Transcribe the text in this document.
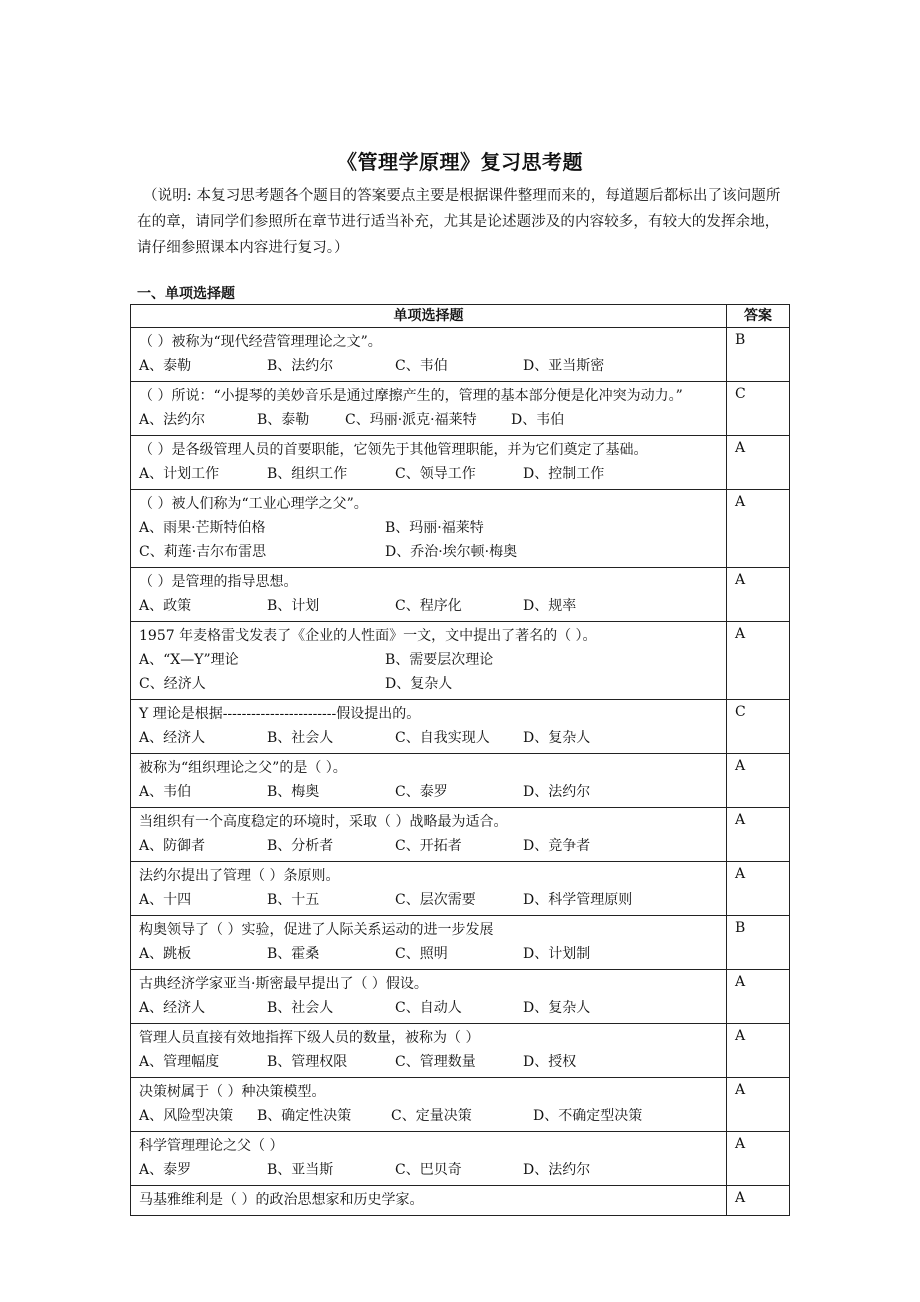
《管理学原理》复习思考题
（说明: 本复习思考题各个题目的答案要点主要是根据课件整理而来的，每道题后都标出了该问题所在的章，请同学们参照所在章节进行适当补充，尤其是论述题涉及的内容较多，有较大的发挥余地，请仔细参照课本内容进行复习。）
一、单项选择题
单项选择题	答案

（ ）被称为“现代经营管理理论之文”。
A、泰勒 B、法约尔 C、韦伯 D、亚当斯密	B

（ ）所说：“小提琴的美妙音乐是通过摩擦产生的，管理的基本部分便是化冲突为动力。”
A、法约尔 B、泰勒 C、玛丽·派克·福莱特 D、韦伯	C

（ ）是各级管理人员的首要职能，它领先于其他管理职能，并为它们奠定了基础。
A、计划工作 B、组织工作 C、领导工作 D、控制工作	A

（ ）被人们称为“工业心理学之父”。
A、雨果·芒斯特伯格 B、玛丽·福莱特
C、莉莲·吉尔布雷思 D、乔治·埃尔顿·梅奥	A

（ ）是管理的指导思想。
A、政策 B、计划 C、程序化 D、规率	A

1957 年麦格雷戈发表了《企业的人性面》一文，文中提出了著名的（ ）。
A、“X—Y”理论 B、需要层次理论
C、经济人 D、复杂人	A

Y 理论是根据------------------------假设提出的。
A、经济人 B、社会人 C、自我实现人 D、复杂人	C

被称为“组织理论之父”的是（ ）。
A、韦伯 B、梅奥 C、泰罗 D、法约尔	A

当组织有一个高度稳定的环境时，采取（ ）战略最为适合。
A、防御者 B、分析者 C、开拓者 D、竞争者	A

法约尔提出了管理（ ）条原则。
A、十四 B、十五 C、层次需要 D、科学管理原则	A

构奥领导了（ ）实验，促进了人际关系运动的进一步发展
A、跳板 B、霍桑 C、照明 D、计划制	B

古典经济学家亚当·斯密最早提出了（ ）假设。
A、经济人 B、社会人 C、自动人 D、复杂人	A

管理人员直接有效地指挥下级人员的数量，被称为（ ）
A、管理幅度 B、管理权限 C、管理数量 D、授权	A

决策树属于（ ）种决策模型。
A、风险型决策 B、确定性决策 C、定量决策 D、不确定型决策	A

科学管理理论之父（ ）
A、泰罗 B、亚当斯 C、巴贝奇 D、法约尔	A

马基雅维利是（ ）的政治思想家和历史学家。	A
